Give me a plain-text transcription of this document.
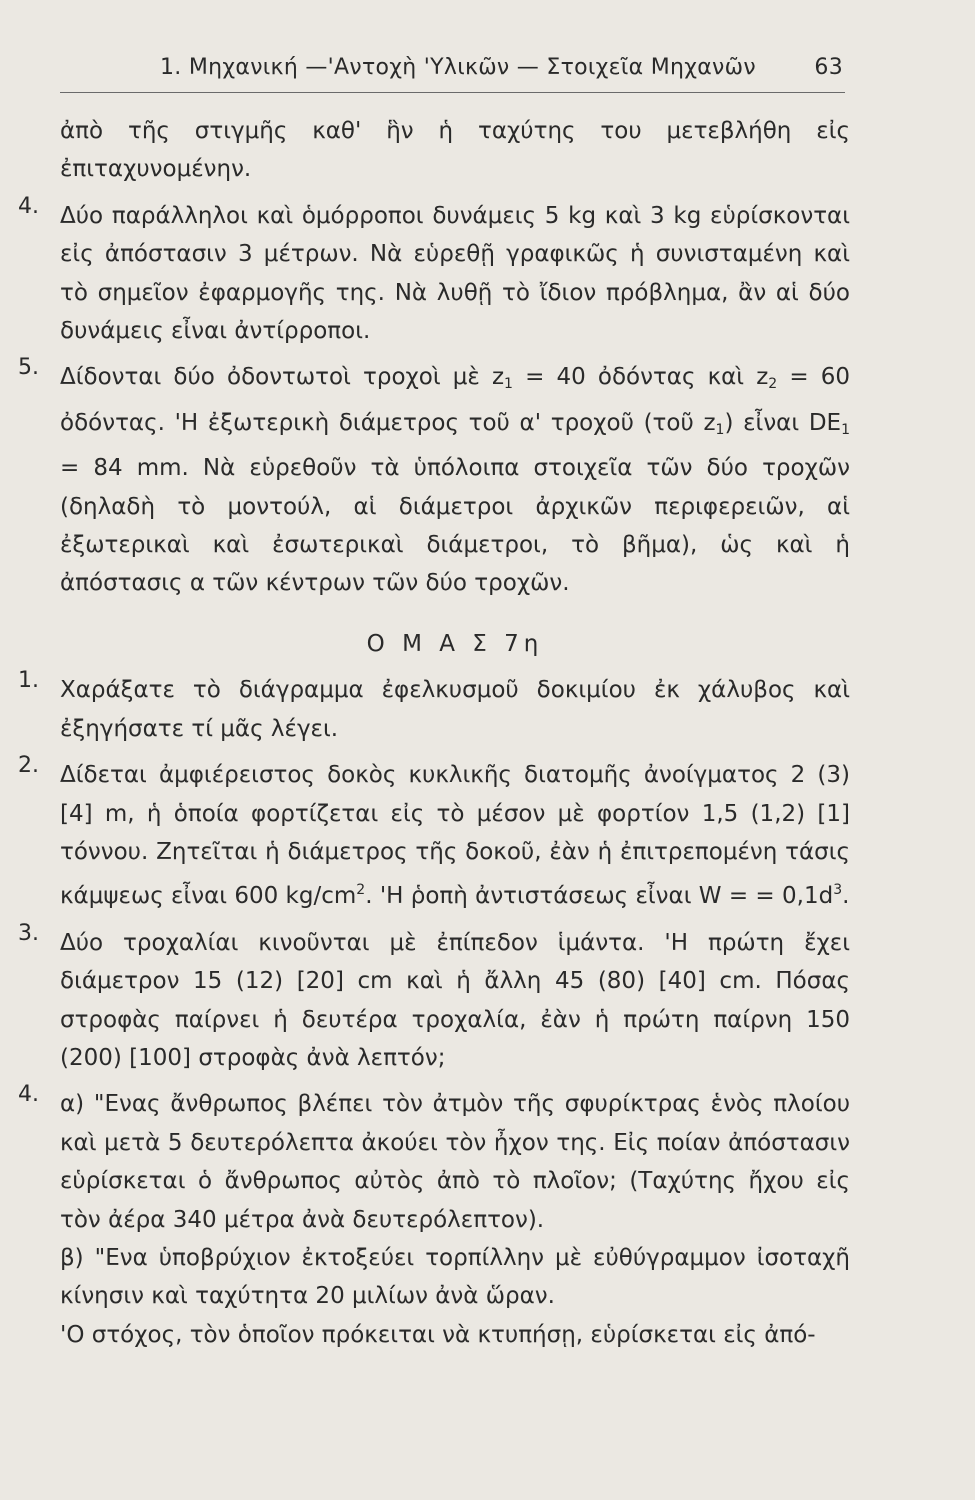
1. Μηχανική —'Αντοχὴ 'Υλικῶν — Στοιχεῖα Μηχανῶν	63

ἀπὸ τῆς στιγμῆς καθ' ἣν ἡ ταχύτης του μετεβλήθη εἰς ἐπιταχυνομένην.

4. Δύο παράλληλοι καὶ ὁμόρροποι δυνάμεις 5 kg καὶ 3 kg εὑρίσκονται εἰς ἀπόστασιν 3 μέτρων. Νὰ εὑρεθῇ γραφικῶς ἡ συνισταμένη καὶ τὸ σημεῖον ἐφαρμογῆς της. Νὰ λυθῇ τὸ ἴδιον πρόβλημα, ἂν αἱ δύο δυνάμεις εἶναι ἀντίρροποι.

5. Δίδονται δύο ὀδοντωτοὶ τροχοὶ μὲ $z_1 = 40$ ὀδόντας καὶ $z_2 = 60$ ὀδόντας. 'Η ἐξωτερικὴ διάμετρος τοῦ α' τροχοῦ (τοῦ $z_1$) εἶναι $DE_1 = 84$ mm. Νὰ εὑρεθοῦν τὰ ὑπόλοιπα στοιχεῖα τῶν δύο τροχῶν (δηλαδὴ τὸ μοντούλ, αἱ διάμετροι ἀρχικῶν περιφερειῶν, αἱ ἐξωτερικαὶ καὶ ἐσωτερικαὶ διάμετροι, τὸ βῆμα), ὡς καὶ ἡ ἀπόστασις α τῶν κέντρων τῶν δύο τροχῶν.

Ο Μ Α Σ 7η
1. Χαράξατε τὸ διάγραμμα ἐφελκυσμοῦ δοκιμίου ἐκ χάλυβος καὶ ἐξηγήσατε τί μᾶς λέγει.

2. Δίδεται ἀμφιέρειστος δοκὸς κυκλικῆς διατομῆς ἀνοίγματος 2 (3) [4] m, ἡ ὁποία φορτίζεται εἰς τὸ μέσον μὲ φορτίον 1,5 (1,2) [1] τόννου. Ζητεῖται ἡ διάμετρος τῆς δοκοῦ, ἐὰν ἡ ἐπιτρεπομένη τάσις κάμψεως εἶναι 600 $kg/cm^2$. 'Η ῥοπὴ ἀντιστάσεως εἶναι W = = $0,1d^3$.

3. Δύο τροχαλίαι κινοῦνται μὲ ἐπίπεδον ἱμάντα. 'Η πρώτη ἔχει διάμετρον 15 (12) [20] cm καὶ ἡ ἄλλη 45 (80) [40] cm. Πόσας στροφὰς παίρνει ἡ δευτέρα τροχαλία, ἐὰν ἡ πρώτη παίρνη 150 (200) [100] στροφὰς ἀνὰ λεπτόν;

4. α) "Ενας ἄνθρωπος βλέπει τὸν ἀτμὸν τῆς σφυρίκτρας ἑνὸς πλοίου καὶ μετὰ 5 δευτερόλεπτα ἀκούει τὸν ἦχον της. Εἰς ποίαν ἀπόστασιν εὑρίσκεται ὁ ἄνθρωπος αὐτὸς ἀπὸ τὸ πλοῖον; (Ταχύτης ἤχου εἰς τὸν ἀέρα 340 μέτρα ἀνὰ δευτερόλεπτον).

β) "Ενα ὑποβρύχιον ἐκτοξεύει τορπίλλην μὲ εὐθύγραμμον ἰσοταχῆ κίνησιν καὶ ταχύτητα 20 μιλίων ἀνὰ ὥραν.

'Ο στόχος, τὸν ὁποῖον πρόκειται νὰ κτυπήσῃ, εὑρίσκεται εἰς ἀπό-
